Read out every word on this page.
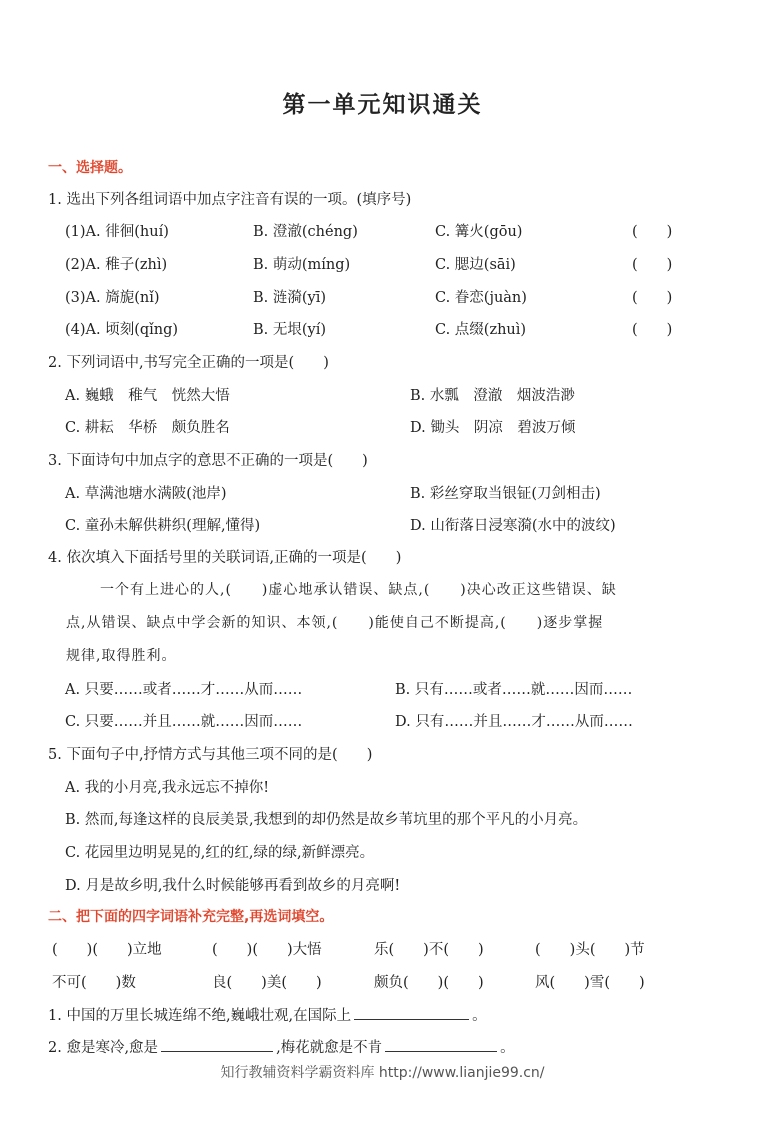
第一单元知识通关
一、选择题。
1. 选出下列各组词语中加点字注音有误的一项。(填序号)
(1)A. 徘徊(huí)	B. 澄澈(chéng)	C. 篝火(gōu)	(　　)
(2)A. 稚子(zhì)	B. 萌动(míng)	C. 腮边(sāi)	(　　)
(3)A. 旖旎(nǐ)	B. 涟漪(yī)	C. 眷恋(juàn)	(　　)
(4)A. 顷刻(qǐng)	B. 无垠(yí)	C. 点缀(zhuì)	(　　)
2. 下列词语中,书写完全正确的一项是(　　)
A. 巍蛾　稚气　恍然大悟	B. 水瓢　澄澈　烟波浩渺
C. 耕耘　华桥　颇负胜名	D. 锄头　阴凉　碧波万倾
3. 下面诗句中加点字的意思不正确的一项是(　　)
A. 草满池塘水满陂(池岸)	B. 彩丝穿取当银钲(刀剑相击)
C. 童孙未解供耕织(理解,懂得)	D. 山衔落日浸寒漪(水中的波纹)
4. 依次填入下面括号里的关联词语,正确的一项是(　　)
一个有上进心的人,(　　)虚心地承认错误、缺点,(　　)决心改正这些错误、缺
点,从错误、缺点中学会新的知识、本领,(　　)能使自己不断提高,(　　)逐步掌握
规律,取得胜利。
A. 只要……或者……才……从而……	B. 只有……或者……就……因而……
C. 只要……并且……就……因而……	D. 只有……并且……才……从而……
5. 下面句子中,抒情方式与其他三项不同的是(　　)
A. 我的小月亮,我永远忘不掉你!
B. 然而,每逢这样的良辰美景,我想到的却仍然是故乡苇坑里的那个平凡的小月亮。
C. 花园里边明晃晃的,红的红,绿的绿,新鲜漂亮。
D. 月是故乡明,我什么时候能够再看到故乡的月亮啊!
二、把下面的四字词语补充完整,再选词填空。
(　　)(　　)立地	(　　)(　　)大悟	乐(　　)不(　　)	(　　)头(　　)节
不可(　　)数	良(　　)美(　　)	颇负(　　)(　　)	风(　　)雪(　　)
1. 中国的万里长城连绵不绝,巍峨壮观,在国际上	。
2. 愈是寒冷,愈是	,梅花就愈是不肯	。
知行教辅资料学霸资料库 http://www.lianjie99.cn/
